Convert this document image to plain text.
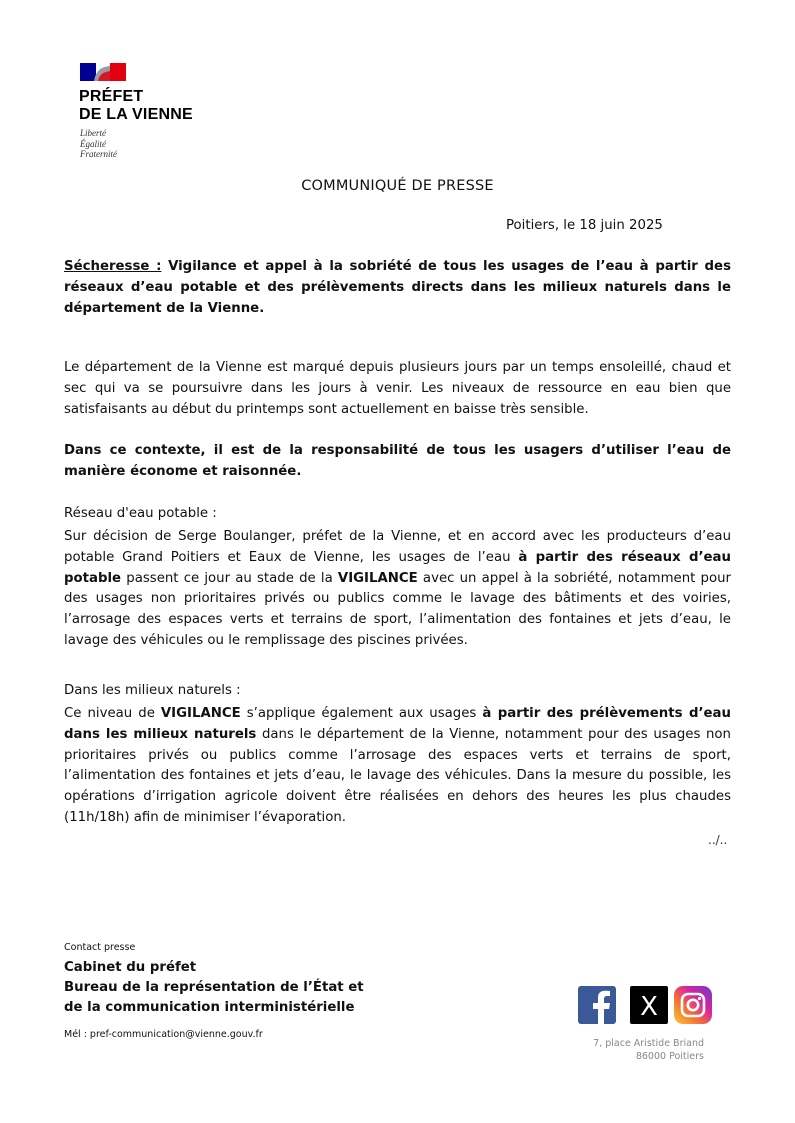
PRÉFET
DE LA VIENNE
Liberté
Égalité
Fraternité
COMMUNIQUÉ DE PRESSE
Poitiers, le 18 juin 2025
Sécheresse : Vigilance et appel à la sobriété de tous les usages de l’eau à partir des réseaux d’eau potable et des prélèvements directs dans les milieux naturels dans le département de la Vienne.
Le département de la Vienne est marqué depuis plusieurs jours par un temps ensoleillé, chaud et sec qui va se poursuivre dans les jours à venir. Les niveaux de ressource en eau bien que satisfaisants au début du printemps sont actuellement en baisse très sensible.
Dans ce contexte, il est de la responsabilité de tous les usagers d’utiliser l’eau de manière économe et raisonnée.
Réseau d'eau potable :
Sur décision de Serge Boulanger, préfet de la Vienne, et en accord avec les producteurs d’eau potable Grand Poitiers et Eaux de Vienne, les usages de l’eau à partir des réseaux d’eau potable passent ce jour au stade de la VIGILANCE avec un appel à la sobriété, notamment pour des usages non prioritaires privés ou publics comme le lavage des bâtiments et des voiries, l’arrosage des espaces verts et terrains de sport, l’alimentation des fontaines et jets d’eau, le lavage des véhicules ou le remplissage des piscines privées.
Dans les milieux naturels :
Ce niveau de VIGILANCE s’applique également aux usages à partir des prélèvements d’eau dans les milieux naturels dans le département de la Vienne, notamment pour des usages non prioritaires privés ou publics comme l’arrosage des espaces verts et terrains de sport, l’alimentation des fontaines et jets d’eau, le lavage des véhicules. Dans la mesure du possible, les opérations d’irrigation agricole doivent être réalisées en dehors des heures les plus chaudes (11h/18h) afin de minimiser l’évaporation.
../..
Contact presse
Cabinet du préfet
Bureau de la représentation de l’État et
de la communication interministérielle
Mél : pref-communication@vienne.gouv.fr
X
7, place Aristide Briand
86000 Poitiers
